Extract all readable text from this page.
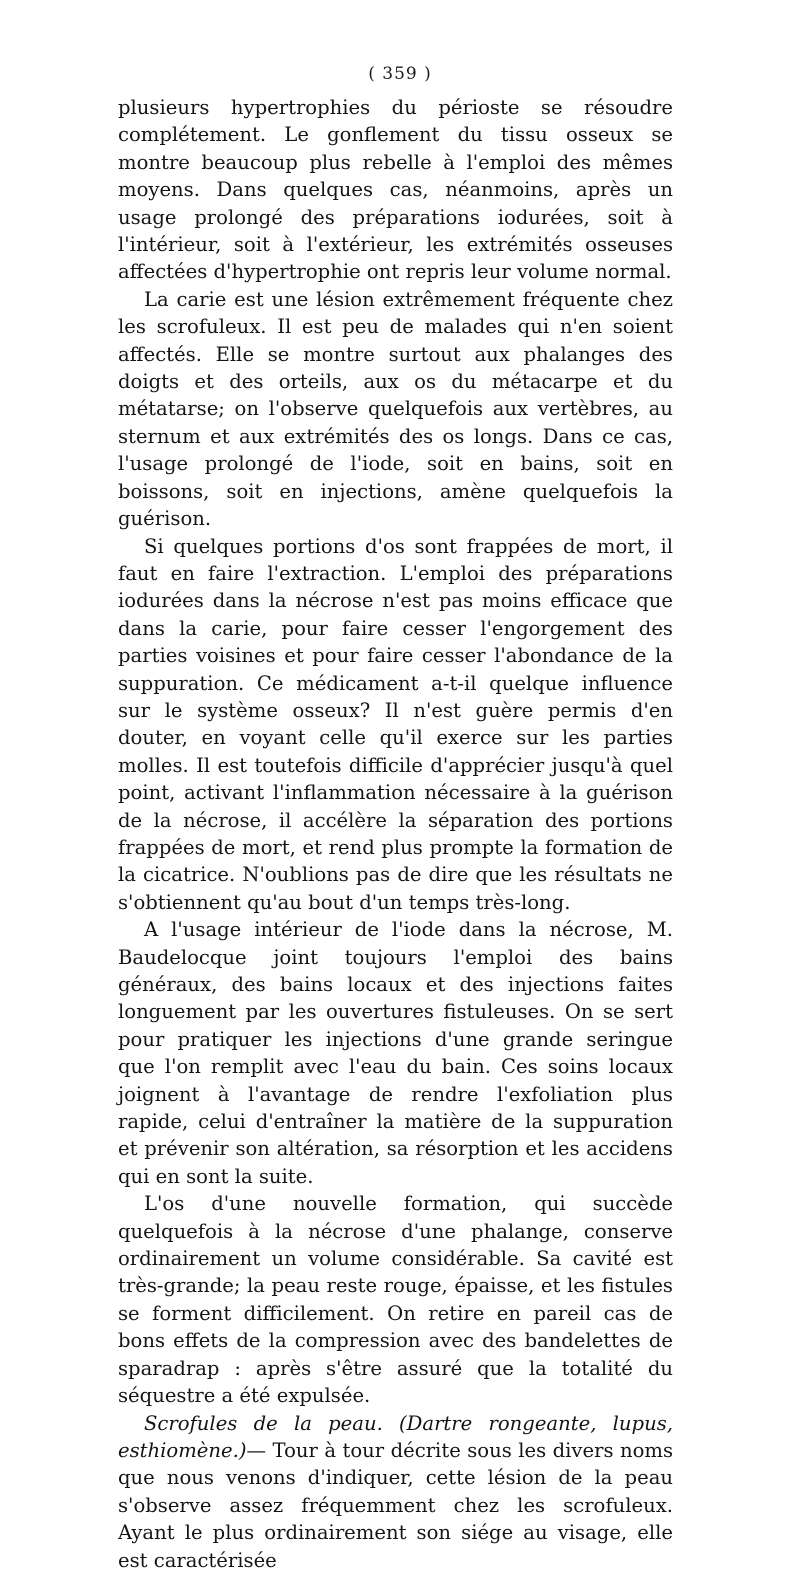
( 359 )

plusieurs hypertrophies du périoste se résoudre complétement. Le gonflement du tissu osseux se montre beaucoup plus rebelle à l'emploi des mêmes moyens. Dans quelques cas, néanmoins, après un usage prolongé des préparations iodurées, soit à l'intérieur, soit à l'extérieur, les extrémités osseuses affectées d'hypertrophie ont repris leur volume normal.

La carie est une lésion extrêmement fréquente chez les scrofuleux. Il est peu de malades qui n'en soient affectés. Elle se montre surtout aux phalanges des doigts et des orteils, aux os du métacarpe et du métatarse; on l'observe quelquefois aux vertèbres, au sternum et aux extrémités des os longs. Dans ce cas, l'usage prolongé de l'iode, soit en bains, soit en boissons, soit en injections, amène quelquefois la guérison.

Si quelques portions d'os sont frappées de mort, il faut en faire l'extraction. L'emploi des préparations iodurées dans la nécrose n'est pas moins efficace que dans la carie, pour faire cesser l'engorgement des parties voisines et pour faire cesser l'abondance de la suppuration. Ce médicament a-t-il quelque influence sur le système osseux? Il n'est guère permis d'en douter, en voyant celle qu'il exerce sur les parties molles. Il est toutefois difficile d'apprécier jusqu'à quel point, activant l'inflammation nécessaire à la guérison de la nécrose, il accélère la séparation des portions frappées de mort, et rend plus prompte la formation de la cicatrice. N'oublions pas de dire que les résultats ne s'obtiennent qu'au bout d'un temps très-long.

A l'usage intérieur de l'iode dans la nécrose, M. Baudelocque joint toujours l'emploi des bains généraux, des bains locaux et des injections faites longuement par les ouvertures fistuleuses. On se sert pour pratiquer les injections d'une grande seringue que l'on remplit avec l'eau du bain. Ces soins locaux joignent à l'avantage de rendre l'exfoliation plus rapide, celui d'entraîner la matière de la suppuration et prévenir son altération, sa résorption et les accidens qui en sont la suite.

L'os d'une nouvelle formation, qui succède quelquefois à la nécrose d'une phalange, conserve ordinairement un volume considérable. Sa cavité est très-grande; la peau reste rouge, épaisse, et les fistules se forment difficilement. On retire en pareil cas de bons effets de la compression avec des bandelettes de sparadrap : après s'être assuré que la totalité du séquestre a été expulsée.

Scrofules de la peau. (Dartre rongeante, lupus, esthiomène.)— Tour à tour décrite sous les divers noms que nous venons d'indiquer, cette lésion de la peau s'observe assez fréquemment chez les scrofuleux. Ayant le plus ordinairement son siége au visage, elle est caractérisée
